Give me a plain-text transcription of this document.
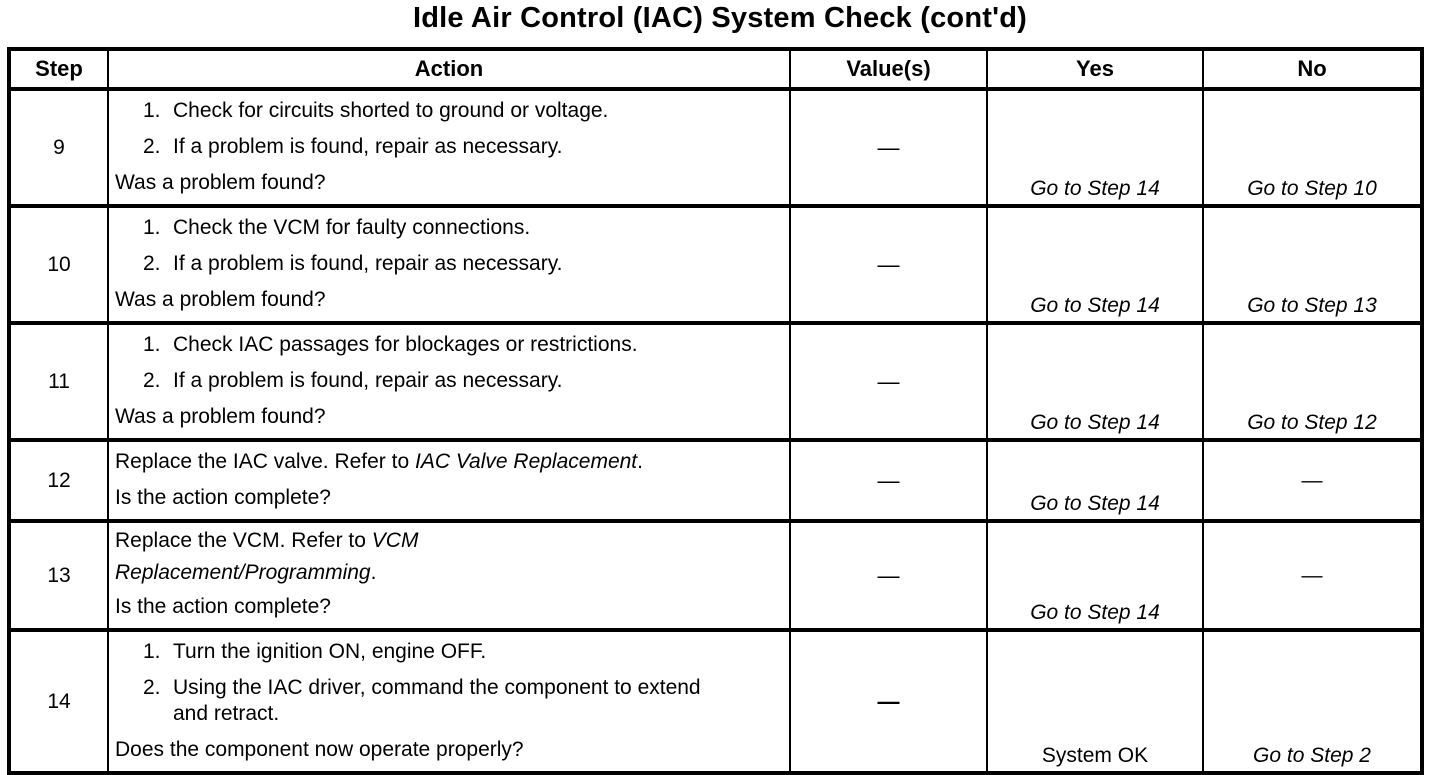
Idle Air Control (IAC) System Check (cont'd)
Step	Action	Value(s)	Yes	No
9	1. Check for circuits shorted to ground or voltage.
2. If a problem is found, repair as necessary.
Was a problem found?	—	Go to Step 14	Go to Step 10
10	1. Check the VCM for faulty connections.
2. If a problem is found, repair as necessary.
Was a problem found?	—	Go to Step 14	Go to Step 13
11	1. Check IAC passages for blockages or restrictions.
2. If a problem is found, repair as necessary.
Was a problem found?	—	Go to Step 14	Go to Step 12
12	Replace the IAC valve. Refer to IAC Valve Replacement.
Is the action complete?	—	Go to Step 14	—
13	Replace the VCM. Refer to VCM Replacement/Programming.
Is the action complete?	—	Go to Step 14	—
14	1. Turn the ignition ON, engine OFF.
2. Using the IAC driver, command the component to extend and retract.
Does the component now operate properly?	—	System OK	Go to Step 2
